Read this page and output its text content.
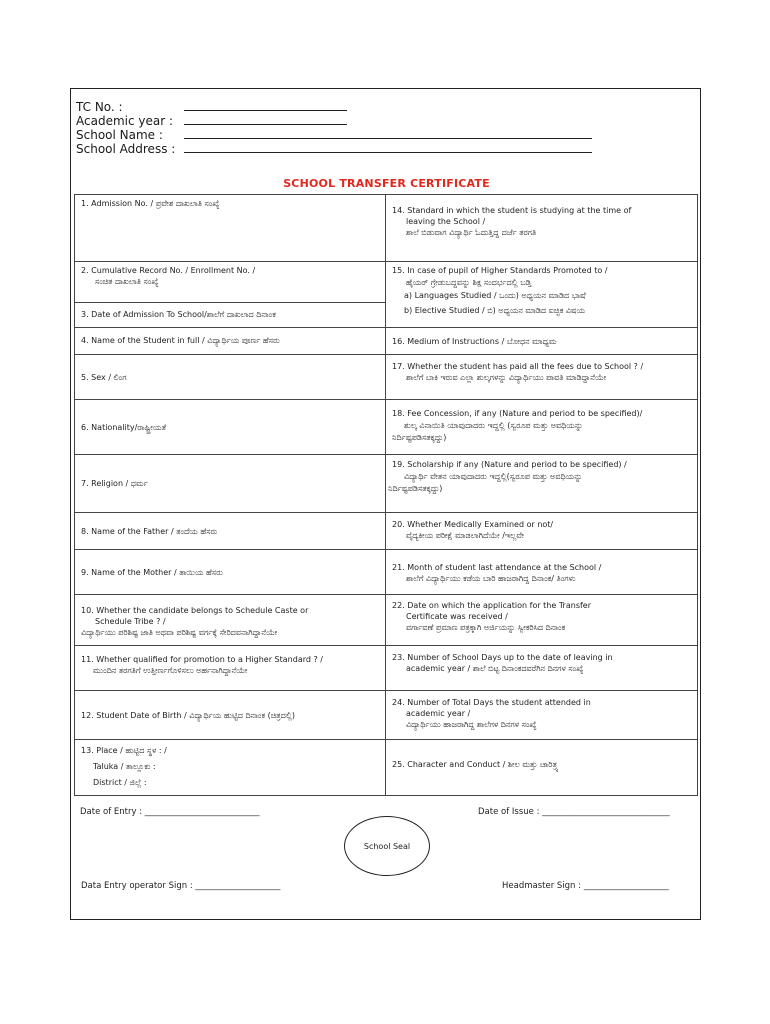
TC No. :
Academic year :
School Name :
School Address :
SCHOOL TRANSFER CERTIFICATE
1. Admission No. / ಪ್ರವೇಶ ದಾಖಲಾತಿ ಸಂಖ್ಯೆ
2. Cumulative Record No. / Enrollment No. /
ಸಂಚಿತ ದಾಖಲಾತಿ ಸಂಖ್ಯೆ
3. Date of Admission To School/ಶಾಲೆಗೆ ದಾಖಲಾದ ದಿನಾಂಕ
4. Name of the Student in full / ವಿದ್ಯಾರ್ಥಿಯ ಪೂರ್ಣ ಹೆಸರು
5. Sex / ಲಿಂಗ
6. Nationality/ರಾಷ್ಟ್ರೀಯತೆ
7. Religion / ಧರ್ಮ
8. Name of the Father / ತಂದೆಯ ಹೆಸರು
9. Name of the Mother / ತಾಯಿಯ ಹೆಸರು
10. Whether the candidate belongs to Schedule Caste or
Schedule Tribe ? /
ವಿದ್ಯಾರ್ಥಿಯು ಪರಿಶಿಷ್ಟ ಜಾತಿ ಅಥವಾ ಪರಿಶಿಷ್ಟ ವರ್ಗಕ್ಕೆ ಸೇರಿದವನಾಗಿದ್ದಾನೆಯೇ
11. Whether qualified for promotion to a Higher Standard ? /
ಮುಂದಿನ ತರಗತಿಗೆ ಉತ್ತೀರ್ಣಗೊಳಿಸಲು ಅರ್ಹನಾಗಿದ್ದಾನೆಯೇ
12. Student Date of Birth / ವಿದ್ಯಾರ್ಥಿಯ ಹುಟ್ಟಿದ ದಿನಾಂಕ (ಚಿತ್ರದಲ್ಲಿ)
13. Place / ಹುಟ್ಟಿದ ಸ್ಥಳ : /
Taluka / ತಾಲ್ಲೂಕು :
District / ಜಿಲ್ಲೆ :
14. Standard in which the student is studying at the time of
leaving the School /
ಶಾಲೆ ಬಿಡುವಾಗ ವಿದ್ಯಾರ್ಥಿ ಓದುತ್ತಿದ್ದ ದರ್ಜೆ ತರಗತಿ
15. In case of pupil of Higher Standards Promoted to /
ಹೈಯರ್ ಗ್ರೇಡುಬದ್ದವನ್ನು ಶಿಕ್ಷ ಸಂದರ್ಭದಲ್ಲಿ ಬಡ್ತಿ
a) Languages Studied / ಒಂದು) ಅಧ್ಯಯನ ಮಾಡಿದ ಭಾಷೆ
b) Elective Studied / ಬಿ) ಅಧ್ಯಯನ ಮಾಡಿದ ಐಚ್ಛಿಕ ವಿಷಯ
16. Medium of Instructions / ಬೋಧನ ಮಾಧ್ಯಮ
17. Whether the student has paid all the fees due to School ? /
ಶಾಲೆಗೆ ಬಾಕಿ ಇರುವ ಎಲ್ಲಾ ಶುಲ್ಕಗಳನ್ನು ವಿದ್ಯಾರ್ಥಿಯು ಪಾವತಿ ಮಾಡಿದ್ದಾನೆಯೇ
18. Fee Concession, if any (Nature and period to be specified)/
ಶುಲ್ಕ ವಿನಾಯಿತಿ ಯಾವುದಾದರು ಇದ್ದಲ್ಲಿ (ಸ್ವರೂಪ ಮತ್ತು ಅವಧಿಯನ್ನು
ನಿರ್ದಿಷ್ಟಪಡಿಸತಕ್ಕದ್ದು)
19. Scholarship if any (Nature and period to be specified) /
ವಿದ್ಯಾರ್ಥಿ ವೇತನ ಯಾವುದಾದರು ಇದ್ದಲ್ಲಿ(ಸ್ವರೂಪ ಮತ್ತು ಅವಧಿಯನ್ನು
ನಿರ್ದಿಷ್ಟಪಡಿಸತಕ್ಕದ್ದು)
20. Whether Medically Examined or not/
ವೈದ್ಯಕೀಯ ಪರೀಕ್ಷೆ ಮಾಡಲಾಗಿದೆಯೇ /ಇಲ್ಲವೇ
21. Month of student last attendance at the School /
ಶಾಲೆಗೆ ವಿದ್ಯಾರ್ಥಿಯು ಕಡೆಯ ಬಾರಿ ಹಾಜರಾಗಿದ್ದ ದಿನಾಂಕ/ ತಿಂಗಳು
22. Date on which the application for the Transfer
Certificate was received /
ವರ್ಗಾವಣೆ ಪ್ರಮಾಣ ಪತ್ರಕ್ಕಾಗಿ ಅರ್ಜಿಯನ್ನು ಸ್ವೀಕರಿಸಿದ ದಿನಾಂಕ
23. Number of School Days up to the date of leaving in
academic year / ಶಾಲೆ ಬಿಟ್ಟ ದಿನಾಂಕದವರೆಗಿನ ದಿನಗಳ ಸಂಖ್ಯೆ
24. Number of Total Days the student attended in
academic year /
ವಿದ್ಯಾರ್ಥಿಯು ಹಾಜರಾಗಿದ್ದ ಶಾಲೆಗಳ ದಿನಗಳ ಸಂಖ್ಯೆ
25. Character and Conduct / ಶೀಲ ಮತ್ತು ಚಾರಿತ್ರ್ಯ
Date of Entry : ___________________________	Date of Issue : ______________________________
School Seal
Data Entry operator Sign : ____________________	Headmaster Sign : ____________________
